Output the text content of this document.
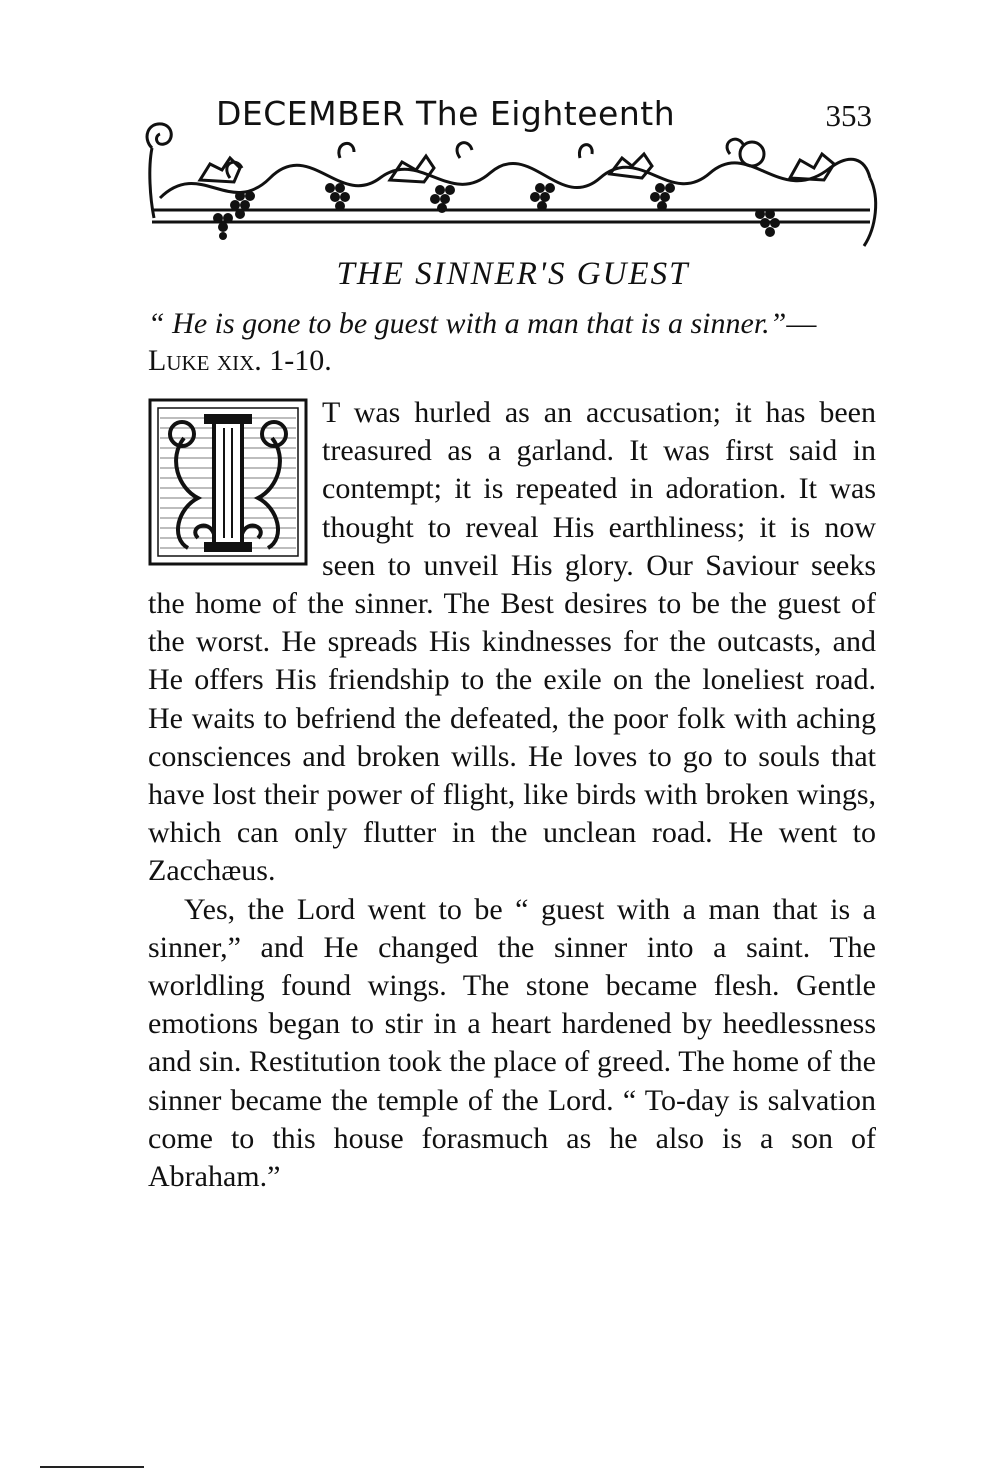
DECEMBER The Eighteenth	353
THE SINNER'S GUEST
“ He is gone to be guest with a man that is a sinner.”—Luke xix. 1-10.

T was hurled as an accusation; it has been treasured as a garland. It was first said in contempt; it is repeated in adoration. It was thought to reveal His earthliness; it is now seen to unveil His glory. Our Saviour seeks the home of the sinner. The Best desires to be the guest of the worst. He spreads His kindnesses for the outcasts, and He offers His friendship to the exile on the loneliest road. He waits to befriend the defeated, the poor folk with aching consciences and broken wills. He loves to go to souls that have lost their power of flight, like birds with broken wings, which can only flutter in the unclean road. He went to Zacchæus.

Yes, the Lord went to be “ guest with a man that is a sinner,” and He changed the sinner into a saint. The worldling found wings. The stone became flesh. Gentle emotions began to stir in a heart hardened by heedlessness and sin. Restitution took the place of greed. The home of the sinner became the temple of the Lord. “ To-day is salvation come to this house forasmuch as he also is a son of Abraham.”
